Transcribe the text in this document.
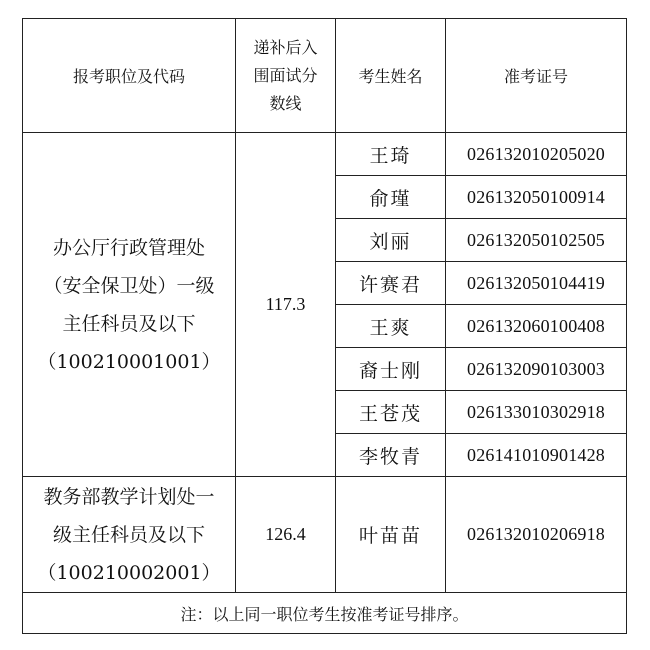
报考职位及代码	递补后入
围面试分
数线	考生姓名	准考证号

办公厅行政管理处
（安全保卫处）一级
主任科员及以下
（100210001001）	117.3	王琦	026132010205020
		俞瑾	026132050100914
		刘丽	026132050102505
		许赛君	026132050104419
		王爽	026132060100408
		裔士刚	026132090103003
		王苍茂	026133010302918
		李牧青	026141010901428

教务部教学计划处一
级主任科员及以下
（100210002001）	126.4	叶苗苗	026132010206918
注：以上同一职位考生按准考证号排序。			
